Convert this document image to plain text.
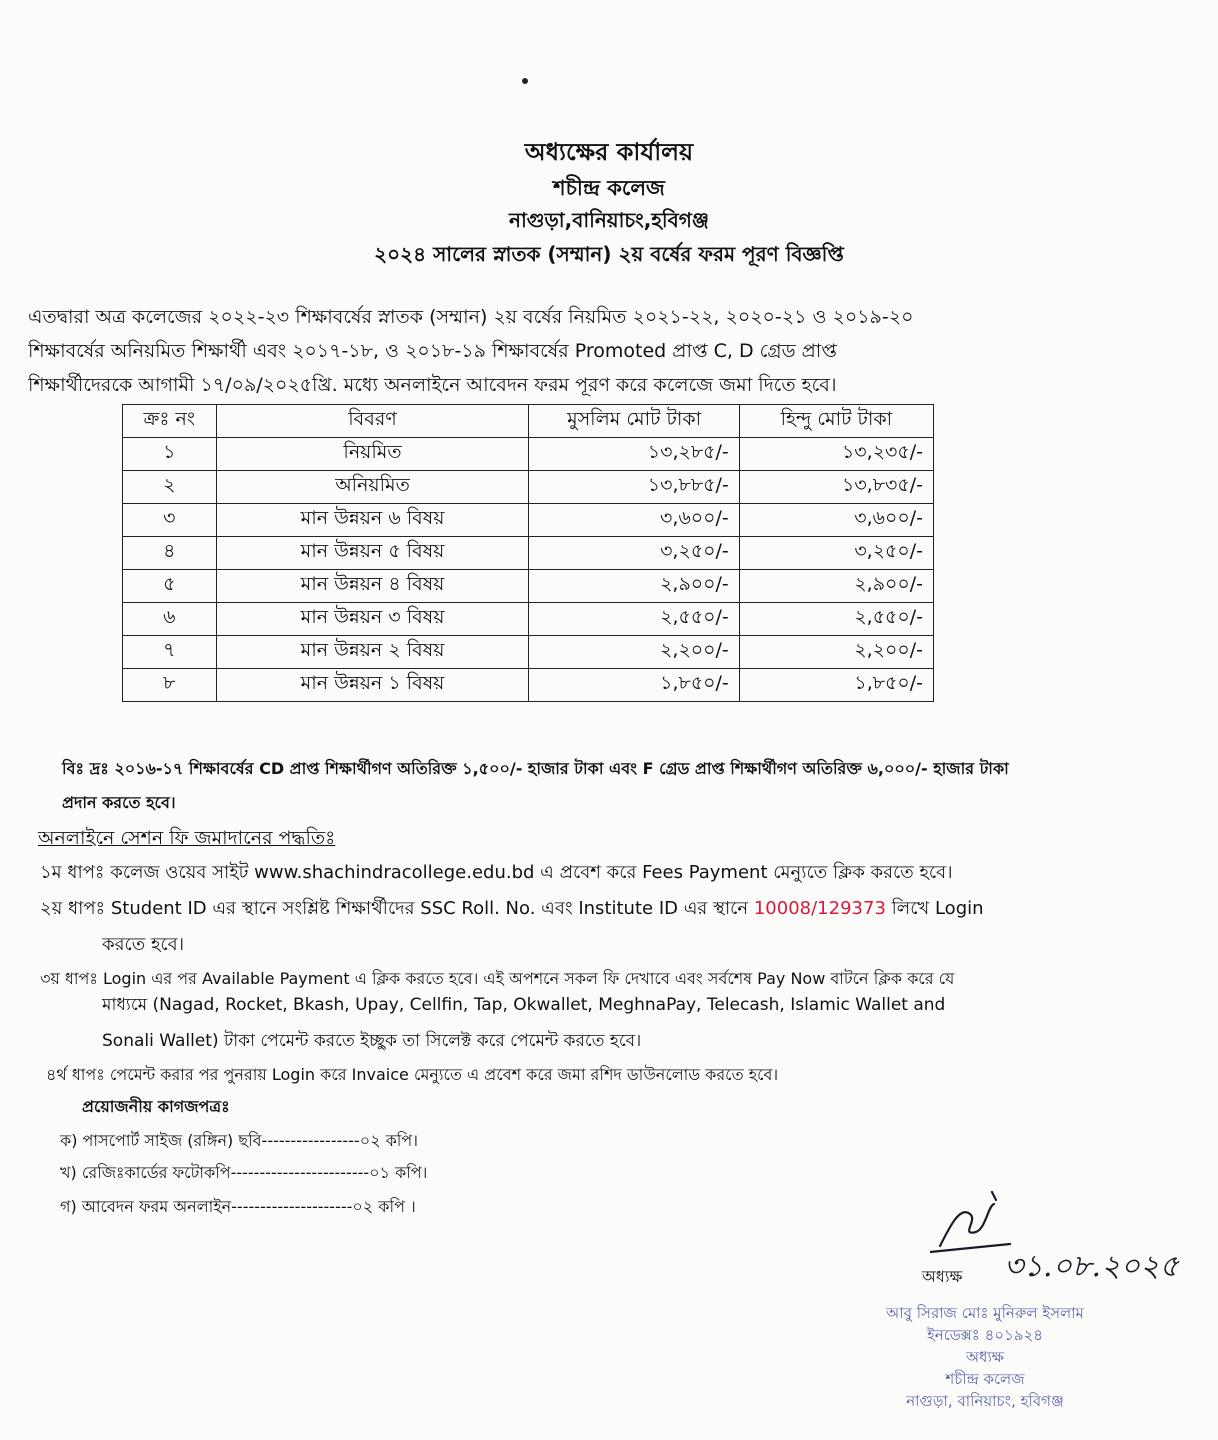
অধ্যক্ষের কার্যালয়
শচীন্দ্র কলেজ
নাগুড়া,বানিয়াচং,হবিগঞ্জ
২০২৪ সালের স্নাতক (সম্মান) ২য় বর্ষের ফরম পূরণ বিজ্ঞপ্তি
এতদ্বারা অত্র কলেজের ২০২২-২৩ শিক্ষাবর্ষের স্নাতক (সম্মান) ২য় বর্ষের নিয়মিত ২০২১-২২, ২০২০-২১ ও ২০১৯-২০
শিক্ষাবর্ষের অনিয়মিত শিক্ষার্থী এবং ২০১৭-১৮, ও ২০১৮-১৯ শিক্ষাবর্ষের Promoted প্রাপ্ত C, D গ্রেড প্রাপ্ত
শিক্ষার্থীদেরকে আগামী ১৭/০৯/২০২৫খ্রি. মধ্যে অনলাইনে আবেদন ফরম পূরণ করে কলেজে জমা দিতে হবে।
ক্রঃ নং	বিবরণ	মুসলিম মোট টাকা	হিন্দু মোট টাকা
১	নিয়মিত	১৩,২৮৫/-	১৩,২৩৫/-
২	অনিয়মিত	১৩,৮৮৫/-	১৩,৮৩৫/-
৩	মান উন্নয়ন ৬ বিষয়	৩,৬০০/-	৩,৬০০/-
৪	মান উন্নয়ন ৫ বিষয়	৩,২৫০/-	৩,২৫০/-
৫	মান উন্নয়ন ৪ বিষয়	২,৯০০/-	২,৯০০/-
৬	মান উন্নয়ন ৩ বিষয়	২,৫৫০/-	২,৫৫০/-
৭	মান উন্নয়ন ২ বিষয়	২,২০০/-	২,২০০/-
৮	মান উন্নয়ন ১ বিষয়	১,৮৫০/-	১,৮৫০/-
বিঃ দ্রঃ ২০১৬-১৭ শিক্ষাবর্ষের CD প্রাপ্ত শিক্ষার্থীগণ অতিরিক্ত ১,৫০০/- হাজার টাকা এবং F গ্রেড প্রাপ্ত শিক্ষার্থীগণ অতিরিক্ত ৬,০০০/- হাজার টাকা
প্রদান করতে হবে।
অনলাইনে সেশন ফি জমাদানের পদ্ধতিঃ
১ম ধাপঃ কলেজ ওয়েব সাইট www.shachindracollege.edu.bd এ প্রবেশ করে Fees Payment মেন্যুতে ক্লিক করতে হবে।
২য় ধাপঃ Student ID এর স্থানে সংশ্লিষ্ট শিক্ষার্থীদের SSC Roll. No. এবং Institute ID এর স্থানে 10008/129373 লিখে Login
করতে হবে।
৩য় ধাপঃ Login এর পর Available Payment এ ক্লিক করতে হবে। এই অপশনে সকল ফি দেখাবে এবং সর্বশেষ Pay Now বাটনে ক্লিক করে যে
মাধ্যমে (Nagad, Rocket, Bkash, Upay, Cellfin, Tap, Okwallet, MeghnaPay, Telecash, Islamic Wallet and
Sonali Wallet) টাকা পেমেন্ট করতে ইচ্ছুক তা সিলেক্ট করে পেমেন্ট করতে হবে।
৪র্থ ধাপঃ পেমেন্ট করার পর পুনরায় Login করে Invaice মেন্যুতে এ প্রবেশ করে জমা রশিদ ডাউনলোড করতে হবে।
প্রয়োজনীয় কাগজপত্রঃ
ক) পাসপোর্ট সাইজ (রঙ্গিন) ছবি-----------------০২ কপি।
খ) রেজিঃকার্ডের ফটোকপি------------------------০১ কপি।
গ) আবেদন ফরম অনলাইন---------------------০২ কপি ।
৩১.০৮.২০২৫
অধ্যক্ষ
আবু সিরাজ মোঃ মুনিরুল ইসলাম
ইনডেক্সঃ ৪০১৯২৪
অধ্যক্ষ
শচীন্দ্র কলেজ
নাগুড়া, বানিয়াচং, হবিগঞ্জ
